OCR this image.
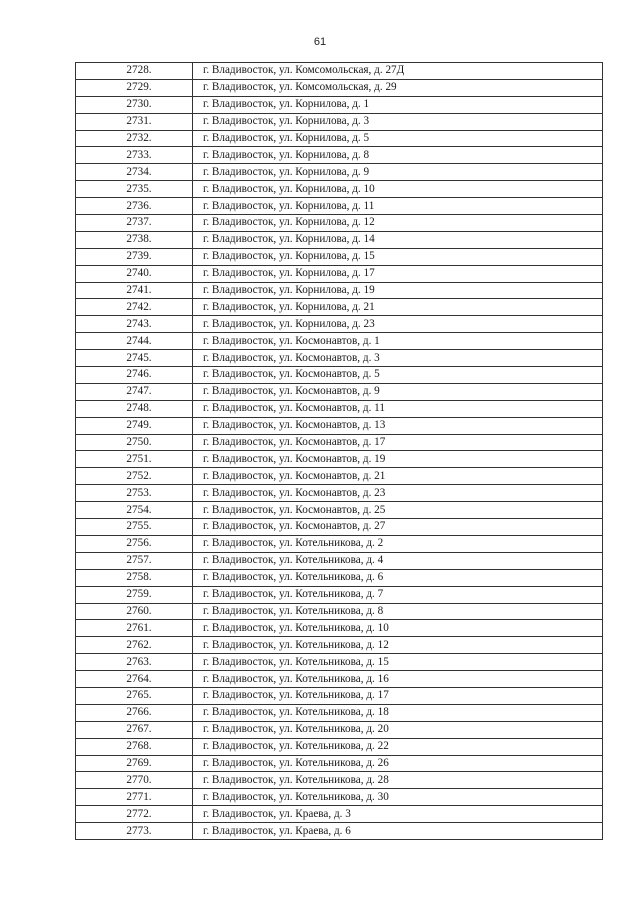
61
2728.	г. Владивосток, ул. Комсомольская, д. 27Д
2729.	г. Владивосток, ул. Комсомольская, д. 29
2730.	г. Владивосток, ул. Корнилова, д. 1
2731.	г. Владивосток, ул. Корнилова, д. 3
2732.	г. Владивосток, ул. Корнилова, д. 5
2733.	г. Владивосток, ул. Корнилова, д. 8
2734.	г. Владивосток, ул. Корнилова, д. 9
2735.	г. Владивосток, ул. Корнилова, д. 10
2736.	г. Владивосток, ул. Корнилова, д. 11
2737.	г. Владивосток, ул. Корнилова, д. 12
2738.	г. Владивосток, ул. Корнилова, д. 14
2739.	г. Владивосток, ул. Корнилова, д. 15
2740.	г. Владивосток, ул. Корнилова, д. 17
2741.	г. Владивосток, ул. Корнилова, д. 19
2742.	г. Владивосток, ул. Корнилова, д. 21
2743.	г. Владивосток, ул. Корнилова, д. 23
2744.	г. Владивосток, ул. Космонавтов, д. 1
2745.	г. Владивосток, ул. Космонавтов, д. 3
2746.	г. Владивосток, ул. Космонавтов, д. 5
2747.	г. Владивосток, ул. Космонавтов, д. 9
2748.	г. Владивосток, ул. Космонавтов, д. 11
2749.	г. Владивосток, ул. Космонавтов, д. 13
2750.	г. Владивосток, ул. Космонавтов, д. 17
2751.	г. Владивосток, ул. Космонавтов, д. 19
2752.	г. Владивосток, ул. Космонавтов, д. 21
2753.	г. Владивосток, ул. Космонавтов, д. 23
2754.	г. Владивосток, ул. Космонавтов, д. 25
2755.	г. Владивосток, ул. Космонавтов, д. 27
2756.	г. Владивосток, ул. Котельникова, д. 2
2757.	г. Владивосток, ул. Котельникова, д. 4
2758.	г. Владивосток, ул. Котельникова, д. 6
2759.	г. Владивосток, ул. Котельникова, д. 7
2760.	г. Владивосток, ул. Котельникова, д. 8
2761.	г. Владивосток, ул. Котельникова, д. 10
2762.	г. Владивосток, ул. Котельникова, д. 12
2763.	г. Владивосток, ул. Котельникова, д. 15
2764.	г. Владивосток, ул. Котельникова, д. 16
2765.	г. Владивосток, ул. Котельникова, д. 17
2766.	г. Владивосток, ул. Котельникова, д. 18
2767.	г. Владивосток, ул. Котельникова, д. 20
2768.	г. Владивосток, ул. Котельникова, д. 22
2769.	г. Владивосток, ул. Котельникова, д. 26
2770.	г. Владивосток, ул. Котельникова, д. 28
2771.	г. Владивосток, ул. Котельникова, д. 30
2772.	г. Владивосток, ул. Краева, д. 3
2773.	г. Владивосток, ул. Краева, д. 6
